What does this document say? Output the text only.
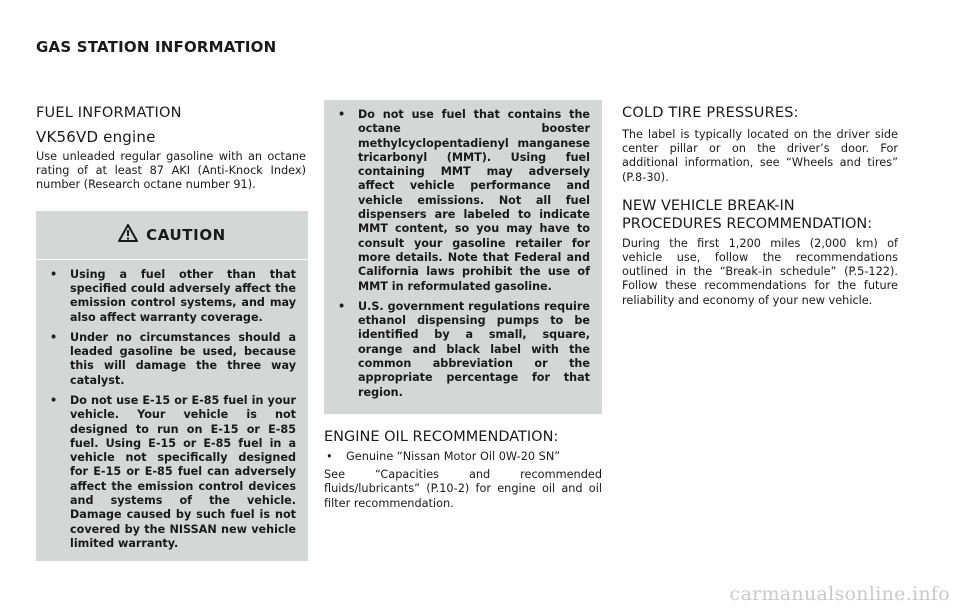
GAS STATION INFORMATION
FUEL INFORMATION
VK56VD engine

Use unleaded regular gasoline with an octane rating of at least 87 AKI (Anti-Knock Index) number (Research octane number 91).

CAUTION
• Using a fuel other than that specified could adversely affect the emission control systems, and may also affect warranty coverage.
• Under no circumstances should a leaded gasoline be used, because this will damage the three way catalyst.
• Do not use E-15 or E-85 fuel in your vehicle. Your vehicle is not designed to run on E-15 or E-85 fuel. Using E-15 or E-85 fuel in a vehicle not specifically designed for E-15 or E-85 fuel can adversely affect the emission control devices and systems of the vehicle. Damage caused by such fuel is not covered by the NISSAN new vehicle limited warranty.
• Do not use fuel that contains the octane booster methylcyclopentadienyl manganese tricarbonyl (MMT). Using fuel containing MMT may adversely affect vehicle performance and vehicle emissions. Not all fuel dispensers are labeled to indicate MMT content, so you may have to consult your gasoline retailer for more details. Note that Federal and California laws prohibit the use of MMT in reformulated gasoline.
• U.S. government regulations require ethanol dispensing pumps to be identified by a small, square, orange and black label with the common abbreviation or the appropriate percentage for that region.
ENGINE OIL RECOMMENDATION:
• Genuine “Nissan Motor Oil 0W-20 SN”

See “Capacities and recommended fluids/lubricants” (P.10-2) for engine oil and oil filter recommendation.

COLD TIRE PRESSURES:

The label is typically located on the driver side center pillar or on the driver’s door. For additional information, see “Wheels and tires” (P.8-30).

NEW VEHICLE BREAK-IN PROCEDURES RECOMMENDATION:

During the first 1,200 miles (2,000 km) of vehicle use, follow the recommendations outlined in the “Break-in schedule” (P.5-122). Follow these recommendations for the future reliability and economy of your new vehicle.

carmanualsonline.info
